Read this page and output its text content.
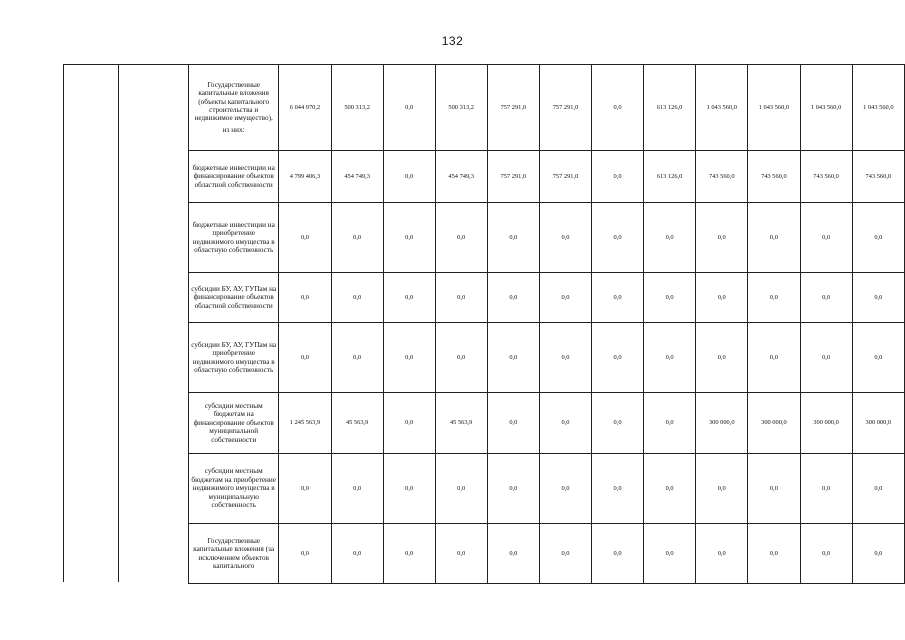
132
Государственные капитальные вложения (объекты капитального строительства и недвижимое имущество),
из них:	6 044 970,2	500 313,2	0,0	500 313,2	757 291,0	757 291,0	0,0	613 126,0	1 043 560,0	1 043 560,0	1 043 560,0	1 043 560,0
бюджетные инвестиции на финансирование объектов областной собственности	4 799 406,3	454 749,3	0,0	454 749,3	757 291,0	757 291,0	0,0	613 126,0	743 560,0	743 560,0	743 560,0	743 560,0
бюджетные инвестиции на приобретение недвижимого имущества в областную собственность	0,0	0,0	0,0	0,0	0,0	0,0	0,0	0,0	0,0	0,0	0,0	0,0
субсидии БУ, АУ, ГУПам на финансирование объектов областной собственности	0,0	0,0	0,0	0,0	0,0	0,0	0,0	0,0	0,0	0,0	0,0	0,0
субсидии БУ, АУ, ГУПам на приобретение недвижимого имущества в областную собственность	0,0	0,0	0,0	0,0	0,0	0,0	0,0	0,0	0,0	0,0	0,0	0,0
субсидии местным бюджетам на финансирование объектов муниципальной собственности	1 245 563,9	45 563,9	0,0	45 563,9	0,0	0,0	0,0	0,0	300 000,0	300 000,0	300 000,0	300 000,0
субсидии местным бюджетам на приобретение недвижимого имущества в муниципальную собственность	0,0	0,0	0,0	0,0	0,0	0,0	0,0	0,0	0,0	0,0	0,0	0,0
Государственные капитальные вложения (за исключением объектов капитального	0,0	0,0	0,0	0,0	0,0	0,0	0,0	0,0	0,0	0,0	0,0	0,0
